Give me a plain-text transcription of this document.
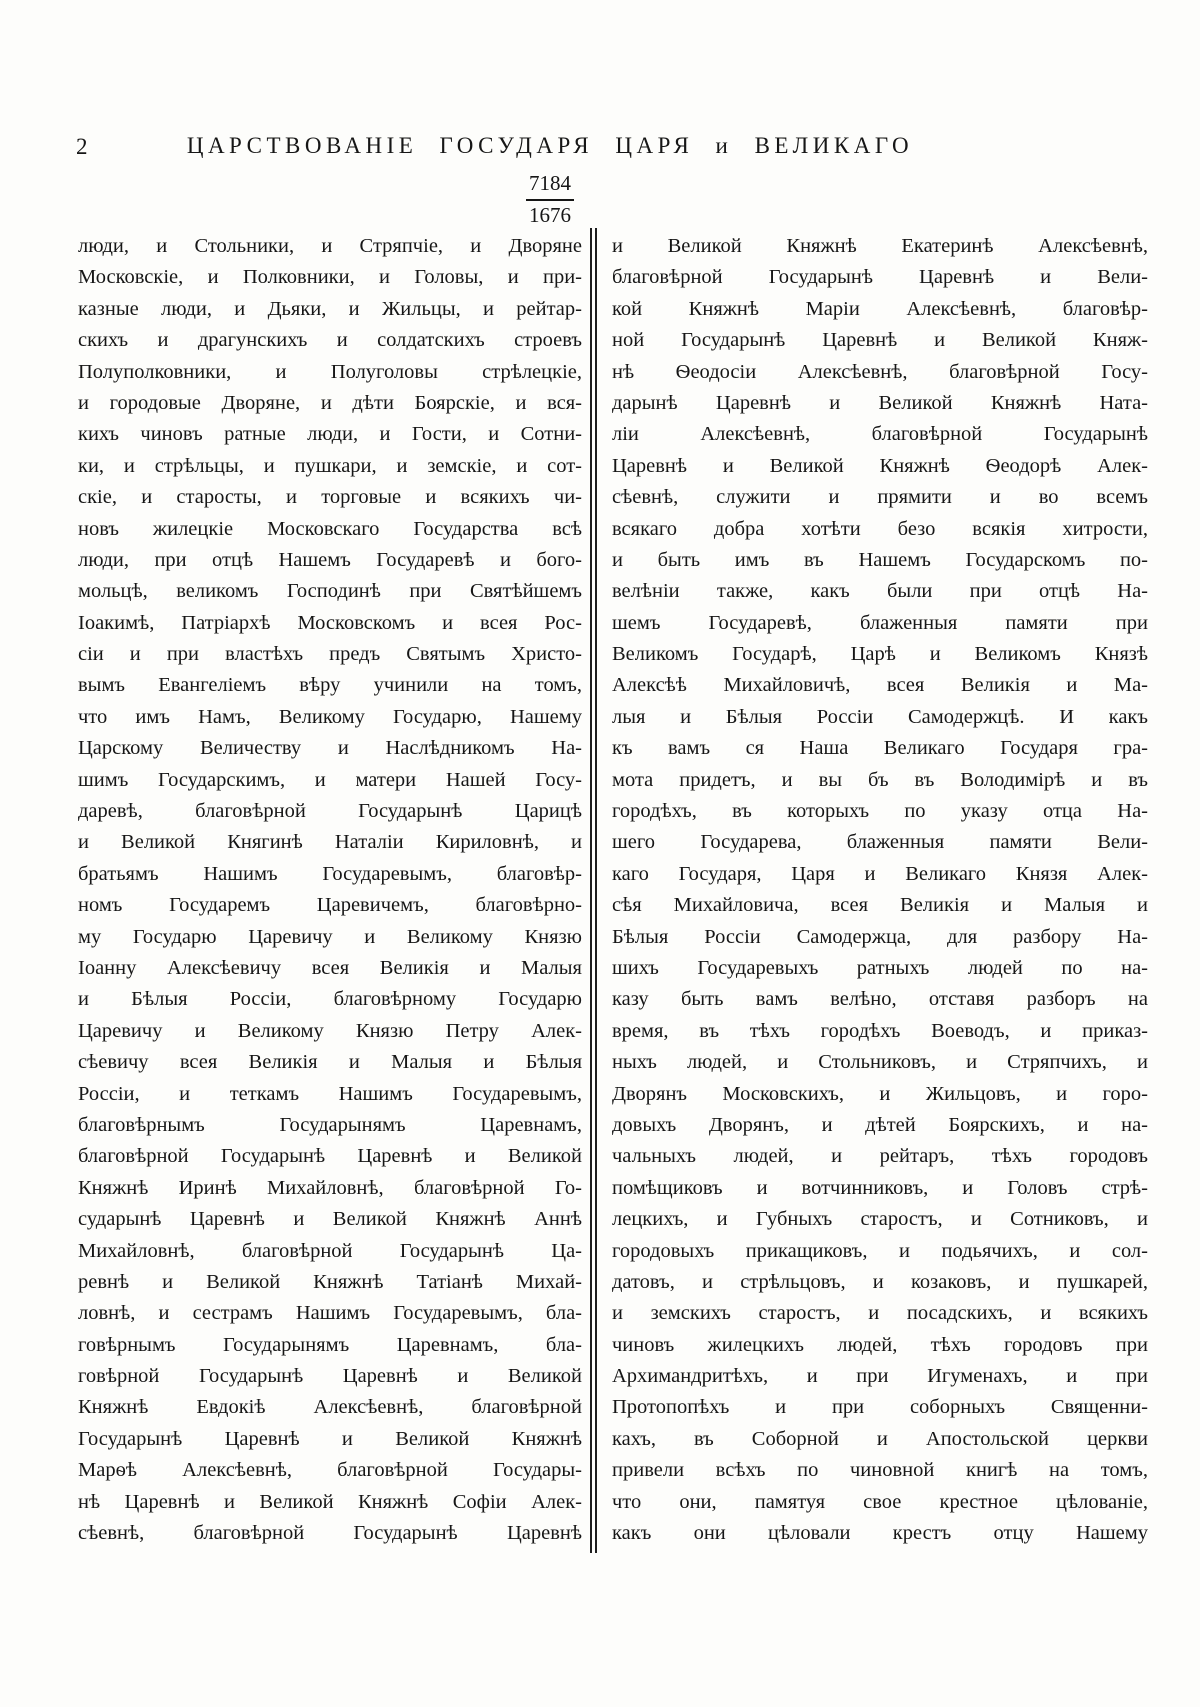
2	ЦАРСТВОВАНІЕ ГОСУДАРЯ ЦАРЯ и ВЕЛИКАГО
$\frac{7184}{1676}$
люди, и Стольники, и Стряпчіе, и Дворяне
Московскіе, и Полковники, и Головы, и при-
казные люди, и Дьяки, и Жильцы, и рейтар-
скихъ и драгунскихъ и солдатскихъ строевъ
Полуполковники, и Полуголовы стрѣлецкіе,
и городовые Дворяне, и дѣти Боярскіе, и вся-
кихъ чиновъ ратные люди, и Гости, и Сотни-
ки, и стрѣльцы, и пушкари, и земскіе, и сот-
скіе, и старосты, и торговые и всякихъ чи-
новъ жилецкіе Московскаго Государства всѣ
люди, при отцѣ Нашемъ Государевѣ и бого-
мольцѣ, великомъ Господинѣ при Святѣйшемъ
Іоакимѣ, Патріархѣ Московскомъ и всея Рос-
сіи и при властѣхъ предъ Святымъ Христо-
вымъ Евангеліемъ вѣру учинили на томъ,
что имъ Намъ, Великому Государю, Нашему
Царскому Величеству и Наслѣдникомъ На-
шимъ Государскимъ, и матери Нашей Госу-
даревѣ, благовѣрной Государынѣ Царицѣ
и Великой Княгинѣ Наталіи Кириловнѣ, и
братьямъ Нашимъ Государевымъ, благовѣр-
номъ Государемъ Царевичемъ, благовѣрно-
му Государю Царевичу и Великому Князю
Іоанну Алексѣевичу всея Великія и Малыя
и Бѣлыя Россіи, благовѣрному Государю
Царевичу и Великому Князю Петру Алек-
сѣевичу всея Великія и Малыя и Бѣлыя
Россіи, и теткамъ Нашимъ Государевымъ,
благовѣрнымъ Государынямъ Царевнамъ,
благовѣрной Государынѣ Царевнѣ и Великой
Княжнѣ Иринѣ Михайловнѣ, благовѣрной Го-
сударынѣ Царевнѣ и Великой Княжнѣ Аннѣ
Михайловнѣ, благовѣрной Государынѣ Ца-
ревнѣ и Великой Княжнѣ Татіанѣ Михай-
ловнѣ, и сестрамъ Нашимъ Государевымъ, бла-
говѣрнымъ Государынямъ Царевнамъ, бла-
говѣрной Государынѣ Царевнѣ и Великой
Княжнѣ Евдокіѣ Алексѣевнѣ, благовѣрной
Государынѣ Царевнѣ и Великой Княжнѣ
Марѳѣ Алексѣевнѣ, благовѣрной Государы-
нѣ Царевнѣ и Великой Княжнѣ Софіи Алек-
сѣевнѣ, благовѣрной Государынѣ Царевнѣ
и Великой Княжнѣ Екатеринѣ Алексѣевнѣ,
благовѣрной Государынѣ Царевнѣ и Вели-
кой Княжнѣ Маріи Алексѣевнѣ, благовѣр-
ной Государынѣ Царевнѣ и Великой Княж-
нѣ Ѳеодосіи Алексѣевнѣ, благовѣрной Госу-
дарынѣ Царевнѣ и Великой Княжнѣ Ната-
ліи Алексѣевнѣ, благовѣрной Государынѣ
Царевнѣ и Великой Княжнѣ Ѳеодорѣ Алек-
сѣевнѣ, служити и прямити и во всемъ
всякаго добра хотѣти безо всякія хитрости,
и быть имъ въ Нашемъ Государскомъ по-
велѣніи также, какъ были при отцѣ На-
шемъ Государевѣ, блаженныя памяти при
Великомъ Государѣ, Царѣ и Великомъ Князѣ
Алексѣѣ Михайловичѣ, всея Великія и Ма-
лыя и Бѣлыя Россіи Самодержцѣ. И какъ
къ вамъ ся Наша Великаго Государя гра-
мота придетъ, и вы бъ въ Володимірѣ и въ
городѣхъ, въ которыхъ по указу отца На-
шего Государева, блаженныя памяти Вели-
каго Государя, Царя и Великаго Князя Алек-
сѣя Михайловича, всея Великія и Малыя и
Бѣлыя Россіи Самодержца, для разбору На-
шихъ Государевыхъ ратныхъ людей по на-
казу быть вамъ велѣно, отставя разборъ на
время, въ тѣхъ городѣхъ Воеводъ, и приказ-
ныхъ людей, и Стольниковъ, и Стряпчихъ, и
Дворянъ Московскихъ, и Жильцовъ, и горо-
довыхъ Дворянъ, и дѣтей Боярскихъ, и на-
чальныхъ людей, и рейтаръ, тѣхъ городовъ
помѣщиковъ и вотчинниковъ, и Головъ стрѣ-
лецкихъ, и Губныхъ старостъ, и Сотниковъ, и
городовыхъ прикащиковъ, и подьячихъ, и сол-
датовъ, и стрѣльцовъ, и козаковъ, и пушкарей,
и земскихъ старостъ, и посадскихъ, и всякихъ
чиновъ жилецкихъ людей, тѣхъ городовъ при
Архимандритѣхъ, и при Игуменахъ, и при
Протопопѣхъ и при соборныхъ Священни-
кахъ, въ Соборной и Апостольской церкви
привели всѣхъ по чиновной книгѣ на томъ,
что они, памятуя свое крестное цѣлованіе,
какъ они цѣловали крестъ отцу Нашему
